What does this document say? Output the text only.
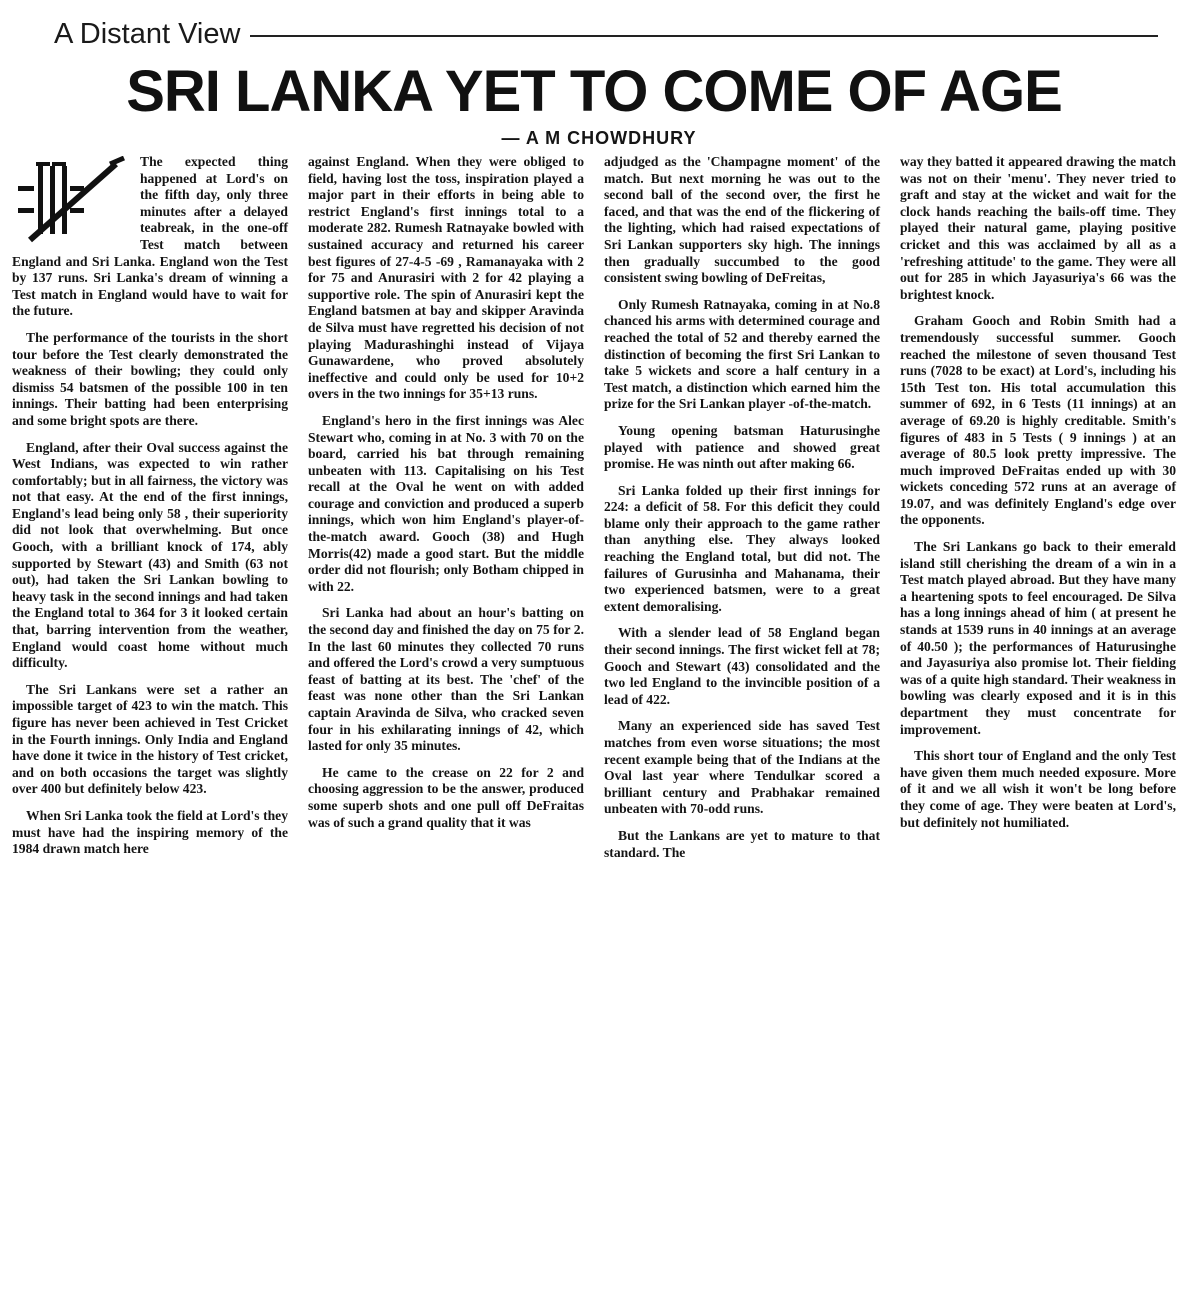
A Distant View
SRI LANKA YET TO COME OF AGE
— A M CHOWDHURY

The expected thing happened at Lord's on the fifth day, only three minutes after a delayed teabreak, in the one-off Test match between England and Sri Lanka. England won the Test by 137 runs. Sri Lanka's dream of winning a Test match in England would have to wait for the future.

The performance of the tourists in the short tour before the Test clearly demonstrated the weakness of their bowling; they could only dismiss 54 batsmen of the possible 100 in ten innings. Their batting had been enterprising and some bright spots are there.

England, after their Oval success against the West Indians, was expected to win rather comfortably; but in all fairness, the victory was not that easy. At the end of the first innings, England's lead being only 58 , their superiority did not look that overwhelming. But once Gooch, with a brilliant knock of 174, ably supported by Stewart (43) and Smith (63 not out), had taken the Sri Lankan bowling to heavy task in the second innings and had taken the England total to 364 for 3 it looked certain that, barring intervention from the weather, England would coast home without much difficulty.

The Sri Lankans were set a rather an impossible target of 423 to win the match. This figure has never been achieved in Test Cricket in the Fourth innings. Only India and England have done it twice in the history of Test cricket, and on both occasions the target was slightly over 400 but definitely below 423.

When Sri Lanka took the field at Lord's they must have had the inspiring memory of the 1984 drawn match here

against England. When they were obliged to field, having lost the toss, inspiration played a major part in their efforts in being able to restrict England's first innings total to a moderate 282. Rumesh Ratnayake bowled with sustained accuracy and returned his career best figures of 27-4-5 -69 , Ramanayaka with 2 for 75 and Anurasiri with 2 for 42 playing a supportive role. The spin of Anurasiri kept the England batsmen at bay and skipper Aravinda de Silva must have regretted his decision of not playing Madurashinghi instead of Vijaya Gunawardene, who proved absolutely ineffective and could only be used for 10+2 overs in the two innings for 35+13 runs.

England's hero in the first innings was Alec Stewart who, coming in at No. 3 with 70 on the board, carried his bat through remaining unbeaten with 113. Capitalising on his Test recall at the Oval he went on with added courage and conviction and produced a superb innings, which won him England's player-of-the-match award. Gooch (38) and Hugh Morris(42) made a good start. But the middle order did not flourish; only Botham chipped in with 22.

Sri Lanka had about an hour's batting on the second day and finished the day on 75 for 2. In the last 60 minutes they collected 70 runs and offered the Lord's crowd a very sumptuous feast of batting at its best. The 'chef' of the feast was none other than the Sri Lankan captain Aravinda de Silva, who cracked seven four in his exhilarating innings of 42, which lasted for only 35 minutes.

He came to the crease on 22 for 2 and choosing aggression to be the answer, produced some superb shots and one pull off DeFraitas was of such a grand quality that it was

adjudged as the 'Champagne moment' of the match. But next morning he was out to the second ball of the second over, the first he faced, and that was the end of the flickering of the lighting, which had raised expectations of Sri Lankan supporters sky high. The innings then gradually succumbed to the good consistent swing bowling of DeFreitas,

Only Rumesh Ratnayaka, coming in at No.8 chanced his arms with determined courage and reached the total of 52 and thereby earned the distinction of becoming the first Sri Lankan to take 5 wickets and score a half century in a Test match, a distinction which earned him the prize for the Sri Lankan player -of-the-match.

Young opening batsman Haturusinghe played with patience and showed great promise. He was ninth out after making 66.

Sri Lanka folded up their first innings for 224: a deficit of 58. For this deficit they could blame only their approach to the game rather than anything else. They always looked reaching the England total, but did not. The failures of Gurusinha and Mahanama, their two experienced batsmen, were to a great extent demoralising.

With a slender lead of 58 England began their second innings. The first wicket fell at 78; Gooch and Stewart (43) consolidated and the two led England to the invincible position of a lead of 422.

Many an experienced side has saved Test matches from even worse situations; the most recent example being that of the Indians at the Oval last year where Tendulkar scored a brilliant century and Prabhakar remained unbeaten with 70-odd runs.

But the Lankans are yet to mature to that standard. The

way they batted it appeared drawing the match was not on their 'menu'. They never tried to graft and stay at the wicket and wait for the clock hands reaching the bails-off time. They played their natural game, playing positive cricket and this was acclaimed by all as a 'refreshing attitude' to the game. They were all out for 285 in which Jayasuriya's 66 was the brightest knock.

Graham Gooch and Robin Smith had a tremendously successful summer. Gooch reached the milestone of seven thousand Test runs (7028 to be exact) at Lord's, including his 15th Test ton. His total accumulation this summer of 692, in 6 Tests (11 innings) at an average of 69.20 is highly creditable. Smith's figures of 483 in 5 Tests ( 9 innings ) at an average of 80.5 look pretty impressive. The much improved DeFraitas ended up with 30 wickets conceding 572 runs at an average of 19.07, and was definitely England's edge over the opponents.

The Sri Lankans go back to their emerald island still cherishing the dream of a win in a Test match played abroad. But they have many a heartening spots to feel encouraged. De Silva has a long innings ahead of him ( at present he stands at 1539 runs in 40 innings at an average of 40.50 ); the performances of Haturusinghe and Jayasuriya also promise lot. Their fielding was of a quite high standard. Their weakness in bowling was clearly exposed and it is in this department they must concentrate for improvement.

This short tour of England and the only Test have given them much needed exposure. More of it and we all wish it won't be long before they come of age. They were beaten at Lord's, but definitely not humiliated.
